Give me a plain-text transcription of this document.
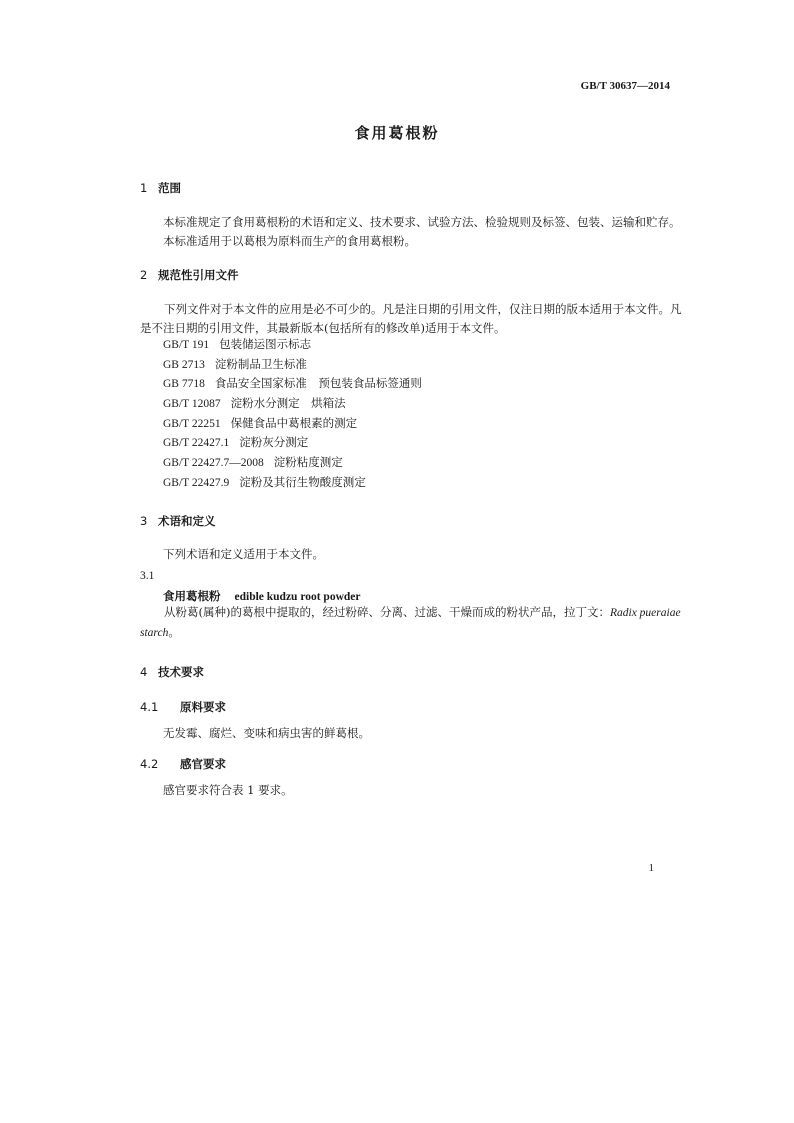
GB/T 30637—2014
食用葛根粉
1 范围
本标准规定了食用葛根粉的术语和定义、技术要求、试验方法、检验规则及标签、包装、运输和贮存。
本标准适用于以葛根为原料而生产的食用葛根粉。
2 规范性引用文件
下列文件对于本文件的应用是必不可少的。凡是注日期的引用文件，仅注日期的版本适用于本文件。凡是不注日期的引用文件，其最新版本(包括所有的修改单)适用于本文件。
GB/T 191 包装储运图示标志
GB 2713 淀粉制品卫生标准
GB 7718 食品安全国家标准　预包装食品标签通则
GB/T 12087 淀粉水分测定　烘箱法
GB/T 22251 保健食品中葛根素的测定
GB/T 22427.1 淀粉灰分测定
GB/T 22427.7—2008 淀粉粘度测定
GB/T 22427.9 淀粉及其衍生物酸度测定
3 术语和定义
下列术语和定义适用于本文件。
3.1
食用葛根粉 edible kudzu root powder
从粉葛(属种)的葛根中提取的，经过粉碎、分离、过滤、干燥而成的粉状产品，拉丁文：Radix pueraiae starch。
4 技术要求
4.1 原料要求
无发霉、腐烂、变味和病虫害的鲜葛根。
4.2 感官要求
感官要求符合表 1 要求。
1
